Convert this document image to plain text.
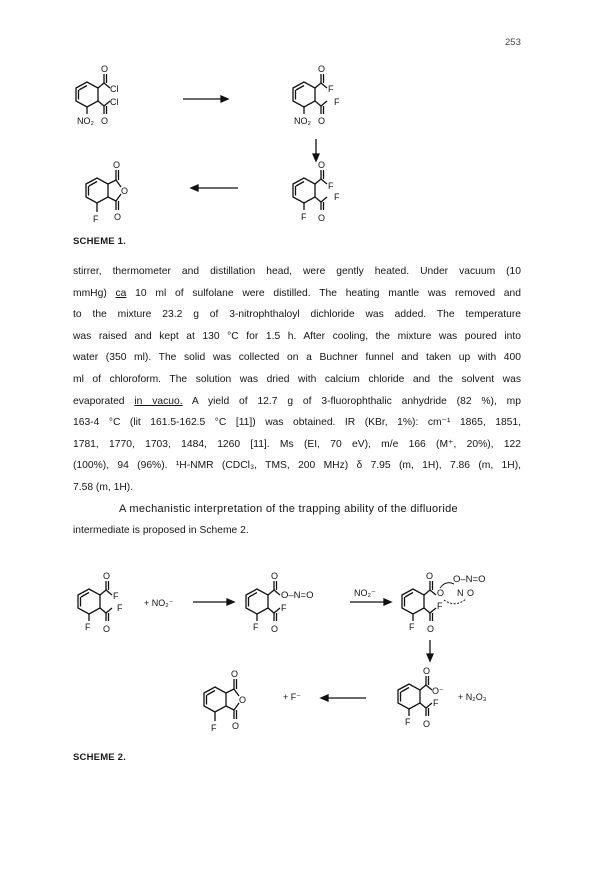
253
O
Cl
Cl
NO₂ O
O
F
F
NO₂ O
O
F
F
F O
O
O
O
F
O
F
F
F O
+ NO₂⁻
O
O–N=O
F
F O
NO₂⁻
O O–N=O
O N O
F
F O
O
O⁻
F
F O
+ N₂O₃
+ F⁻
O
O
O
F
SCHEME 1.
stirrer, thermometer and distillation head, were gently heated. Under vacuum (10
mmHg) ca 10 ml of sulfolane were distilled. The heating mantle was removed and
to the mixture 23.2 g of 3-nitrophthaloyl dichloride was added. The temperature
was raised and kept at 130 °C for 1.5 h. After cooling, the mixture was poured into
water (350 ml). The solid was collected on a Buchner funnel and taken up with 400
ml of chloroform. The solution was dried with calcium chloride and the solvent was
evaporated in vacuo. A yield of 12.7 g of 3-fluorophthalic anhydride (82 %), mp
163-4 °C (lit 161.5-162.5 °C [11]) was obtained. IR (KBr, 1%): cm⁻¹ 1865, 1851,
1781, 1770, 1703, 1484, 1260 [11]. Ms (EI, 70 eV), m/e 166 (M⁺, 20%), 122
(100%), 94 (96%). ¹H-NMR (CDCl₃, TMS, 200 MHz) δ 7.95 (m, 1H), 7.86 (m, 1H),
7.58 (m, 1H).
A mechanistic interpretation of the trapping ability of the difluoride
intermediate is proposed in Scheme 2.
SCHEME 2.
